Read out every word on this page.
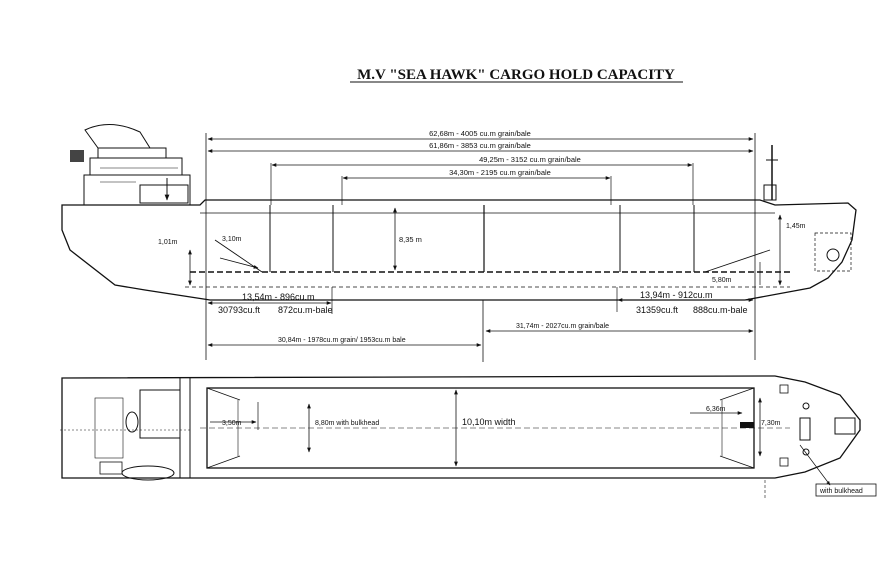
M.V "SEA HAWK" CARGO HOLD CAPACITY
62,68m - 4005 cu.m grain/bale
61,86m - 3853 cu.m grain/bale
49,25m - 3152 cu.m grain/bale
34,30m - 2195 cu.m grain/bale
8,35 m
1,01m	3,10m
1,45m
5,80m
13,54m - 896cu.m
30793cu.ft 872cu.m-bale
13,94m - 912cu.m
31359cu.ft 888cu.m-bale
30,84m - 1978cu.m grain/ 1953cu.m bale
31,74m - 2027cu.m grain/bale
3,50m	8,80m with bulkhead	10,10m width
6,36m
7,30m
with bulkhead
